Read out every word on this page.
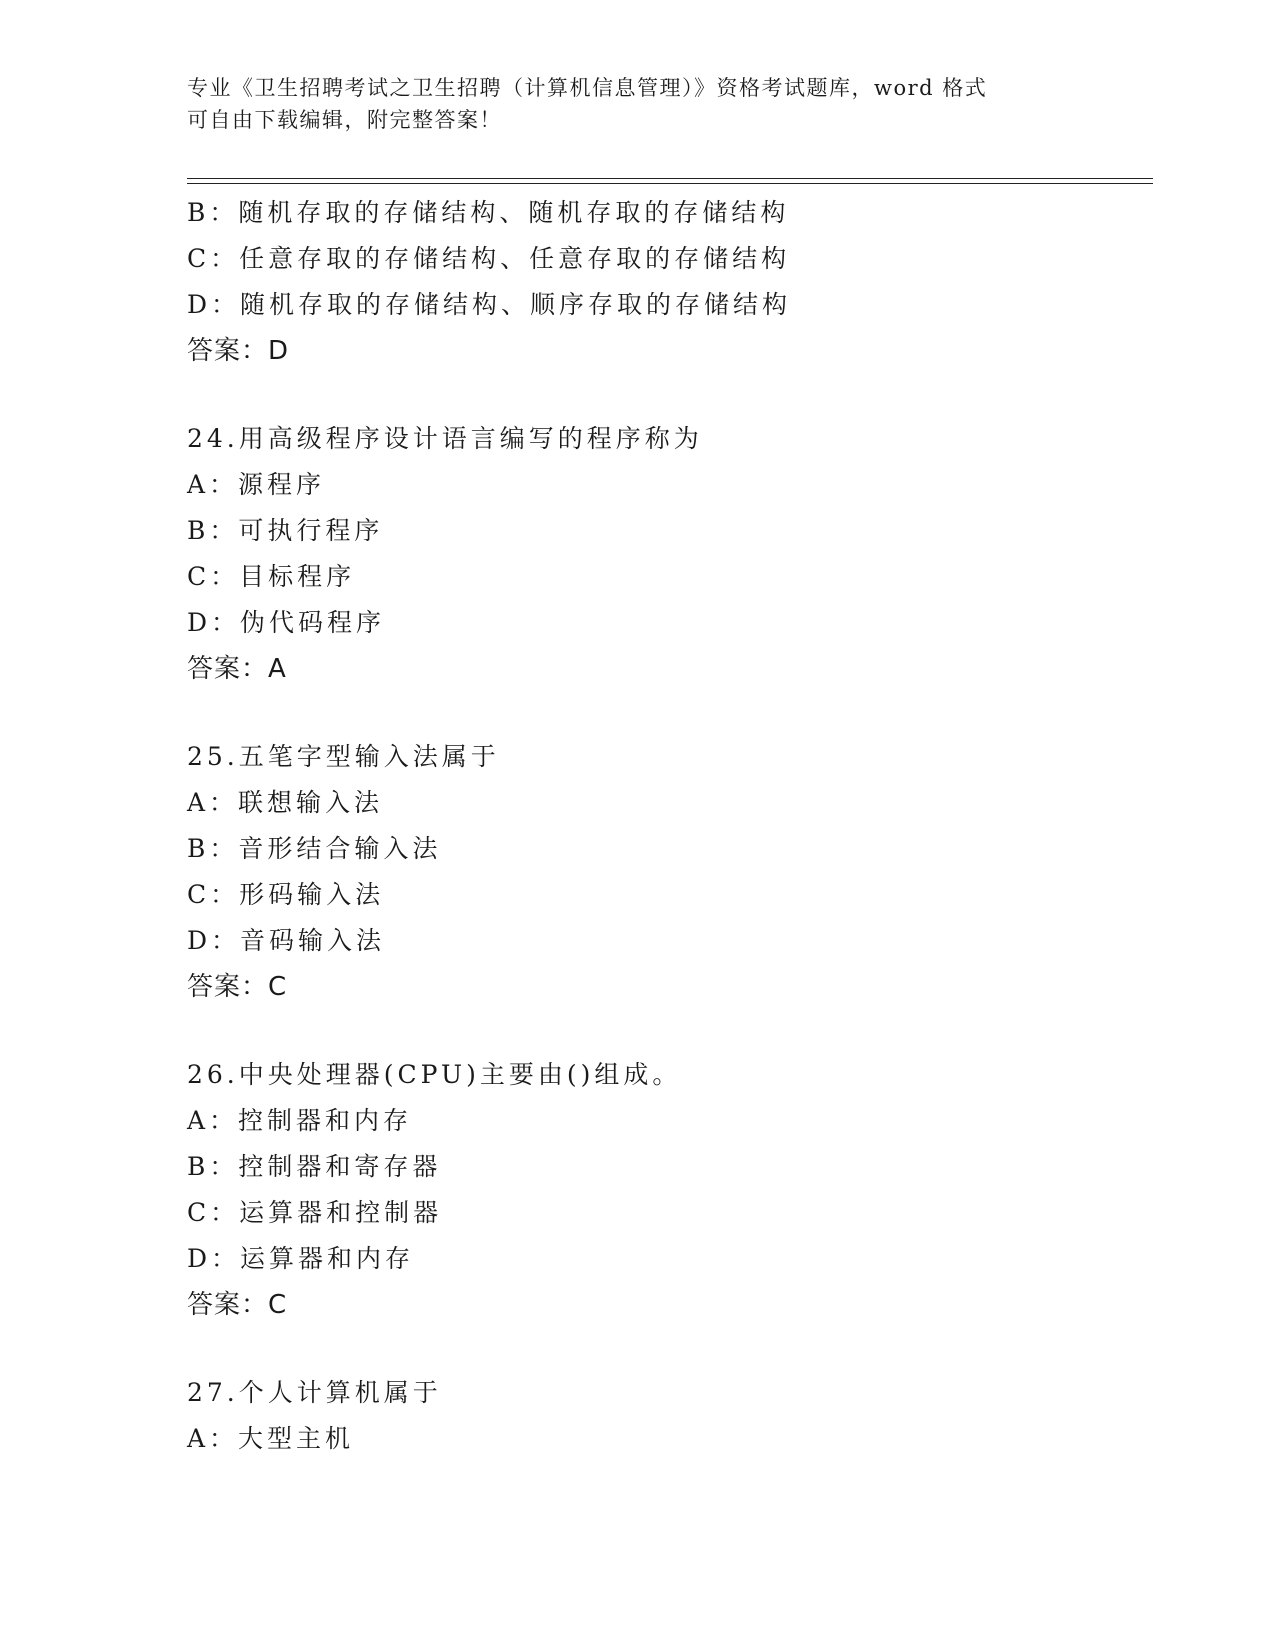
专业《卫生招聘考试之卫生招聘（计算机信息管理）》资格考试题库，word 格式
可自由下载编辑，附完整答案！
B：随机存取的存储结构、随机存取的存储结构
C：任意存取的存储结构、任意存取的存储结构
D：随机存取的存储结构、顺序存取的存储结构
答案：D
24.用高级程序设计语言编写的程序称为
A：源程序
B：可执行程序
C：目标程序
D：伪代码程序
答案：A
25.五笔字型输入法属于
A：联想输入法
B：音形结合输入法
C：形码输入法
D：音码输入法
答案：C
26.中央处理器(CPU)主要由()组成。
A：控制器和内存
B：控制器和寄存器
C：运算器和控制器
D：运算器和内存
答案：C
27.个人计算机属于
A：大型主机
